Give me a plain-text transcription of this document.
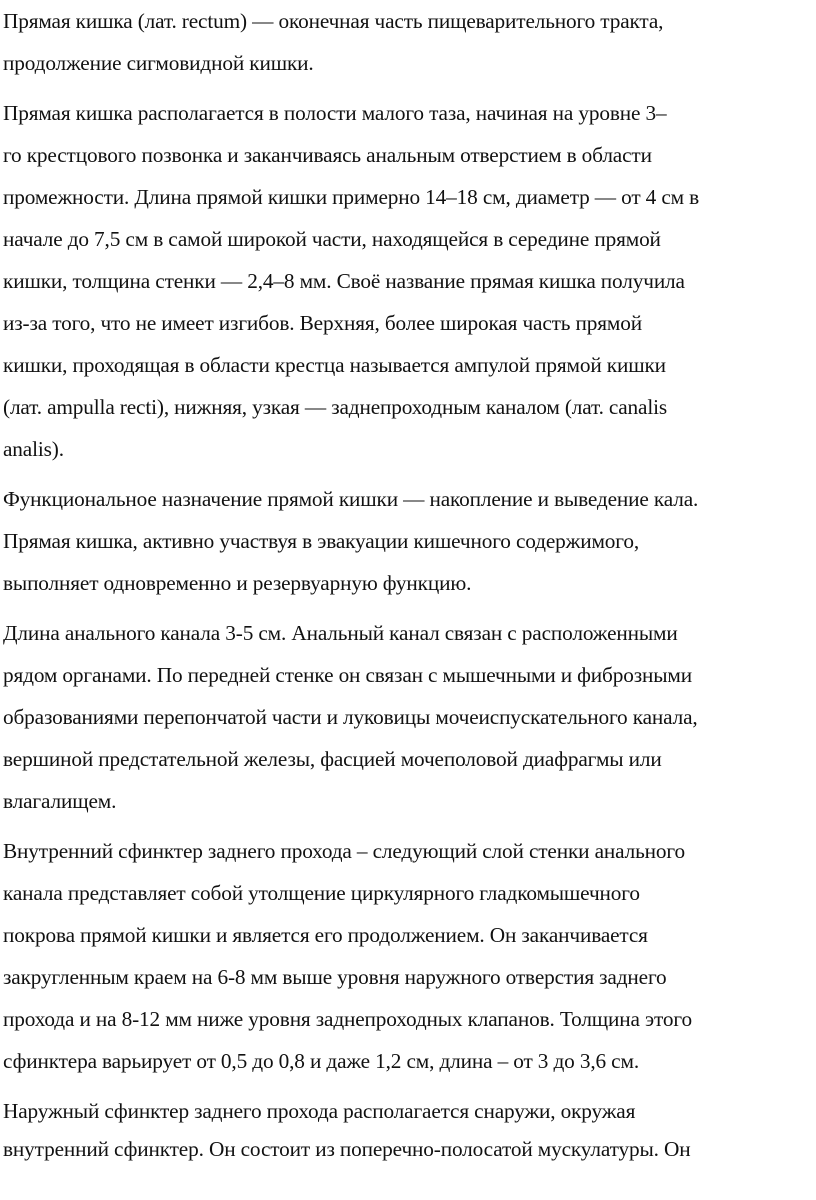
Прямая кишка (лат. rectum) — оконечная часть пищеварительного тракта,
продолжение сигмовидной кишки.

Прямая кишка располагается в полости малого таза, начиная на уровне 3–
го крестцового позвонка и заканчиваясь анальным отверстием в области
промежности. Длина прямой кишки примерно 14–18 см, диаметр — от 4 см в
начале до 7,5 см в самой широкой части, находящейся в середине прямой
кишки, толщина стенки — 2,4–8 мм. Своё название прямая кишка получила
из-за того, что не имеет изгибов. Верхняя, более широкая часть прямой
кишки, проходящая в области крестца называется ампулой прямой кишки
(лат. ampulla recti), нижняя, узкая — заднепроходным каналом (лат. canalis
analis).

Функциональное назначение прямой кишки — накопление и выведение кала.
Прямая кишка, активно участвуя в эвакуации кишечного содержимого,
выполняет одновременно и резервуарную функцию.

Длина анального канала 3-5 см. Анальный канал связан с расположенными
рядом органами. По передней стенке он связан с мышечными и фиброзными
образованиями перепончатой части и луковицы мочеиспускательного канала,
вершиной предстательной железы, фасцией мочеполовой диафрагмы или
влагалищем.

Внутренний сфинктер заднего прохода – следующий слой стенки анального
канала представляет собой утолщение циркулярного гладкомышечного
покрова прямой кишки и является его продолжением. Он заканчивается
закругленным краем на 6-8 мм выше уровня наружного отверстия заднего
прохода и на 8-12 мм ниже уровня заднепроходных клапанов. Толщина этого
сфинктера варьирует от 0,5 до 0,8 и даже 1,2 см, длина – от 3 до 3,6 см.

Наружный сфинктер заднего прохода располагается снаружи, окружая
внутренний сфинктер. Он состоит из поперечно-полосатой мускулатуры. Он
